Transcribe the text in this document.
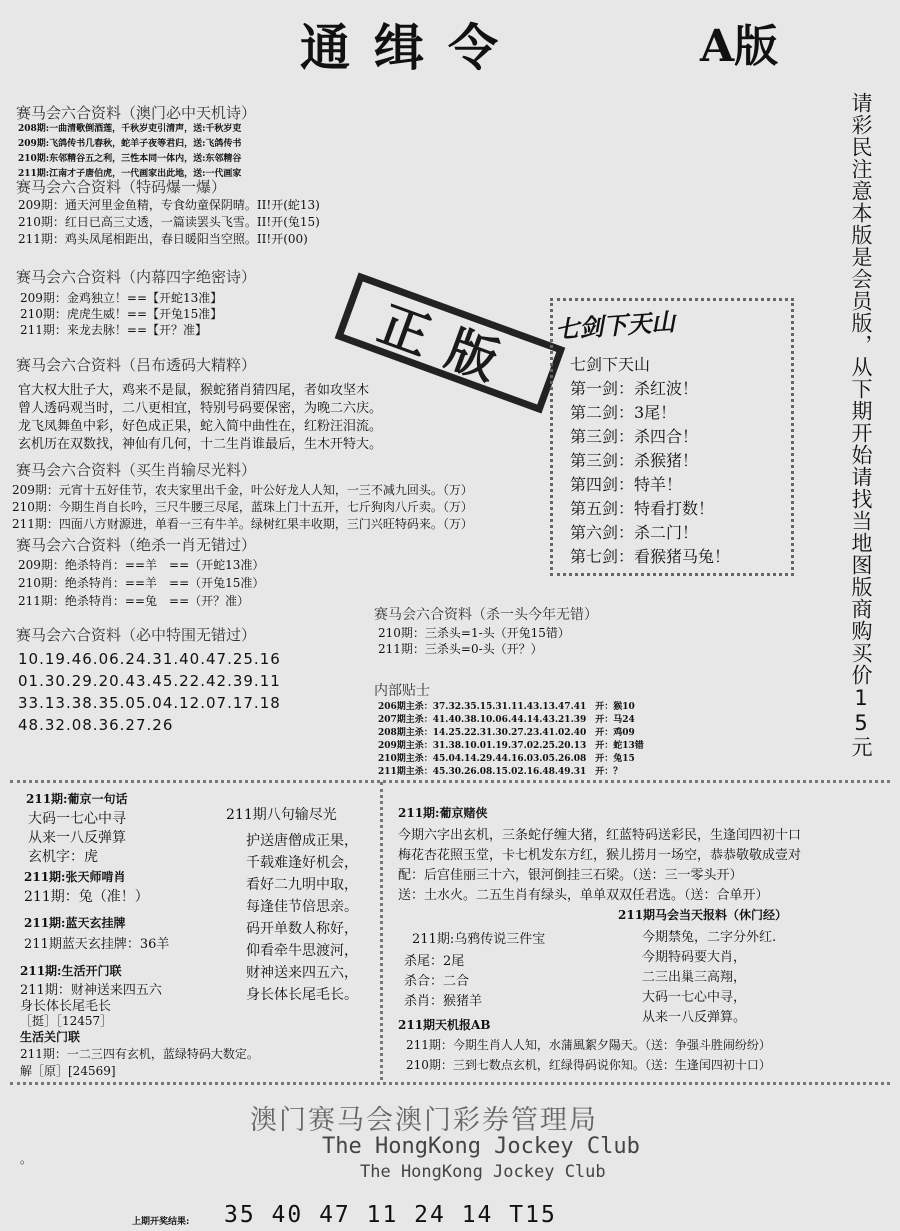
通缉令	A版
请彩民注意本版是会员版，从下期开始请找当地图版商购买价15元
赛马会六合资料（澳门必中天机诗）
208期:一曲清歌倒酒莲，千秋岁吏引清声，送:千秋岁吏
209期:飞鸽传书几春秋，蛇羊子夜等君归，送:飞鸽传书
210期:东邻精谷五之利，三性本同一体内，送:东邻精谷
211期:江南才子唐伯虎，一代画家出此地，送:一代画家
赛马会六合资料（特码爆一爆）
209期：通天河里金鱼精，专食幼童保阴晴。II!开(蛇13)
210期：红日已高三丈透，一篇读罢头飞雪。II!开(兔15)
211期：鸡头凤尾相距出，春日暖阳当空照。II!开(00)
赛马会六合资料（内幕四字绝密诗）
209期：金鸡独立！==【开蛇13准】
210期：虎虎生威！==【开兔15准】
211期：来龙去脉！==【开？准】	正版
赛马会六合资料（吕布透码大精粹）
官大权大肚子大，鸡来不是鼠，猴蛇猪肖猜四尾，者如攻坚木
曾人透码观当时，二八更相宜，特别号码要保密，为晚二六庆。
龙飞凤舞鱼中彩，好色成正果，蛇入简中曲性在，红粉汪泪流。
玄机历在双数找，神仙有几何，十二生肖谁最后，生木开特大。
赛马会六合资料（买生肖输尽光料）
209期：元宵十五好佳节，农夫家里出千金，叶公好龙人人知，一三不减九回头。（万）
210期：今期生肖自长吟，三尺牛腰三尽尾，蓝珠上门十五开，七斤狗肉八斤卖。（万）
211期：四面八方财源进，单看一三有牛羊。绿树红果丰收期，三门兴旺特码来。（万）
赛马会六合资料（绝杀一肖无错过）
209期：绝杀特肖：==羊　==（开蛇13准）
210期：绝杀特肖：==羊　==（开兔15准）
211期：绝杀特肖：==兔　==（开？准）
赛马会六合资料（必中特围无错过）
10.19.46.06.24.31.40.47.25.16
01.30.29.20.43.45.22.42.39.11
33.13.38.35.05.04.12.07.17.18
48.32.08.36.27.26
七剑下天山
七剑下天山
第一剑：杀红波！
第二剑：3尾！
第三剑：杀四合！
第三剑：杀猴猪！
第四剑：特羊！
第五剑：特看打数！
第六剑：杀二门！
第七剑：看猴猪马兔！
赛马会六合资料（杀一头今年无错）
210期：三杀头=1-头（开兔15错）
211期：三杀头=0-头（开？）
内部贴士
206期主杀：37.32.35.15.31.11.43.13.47.41　开：猴10
207期主杀：41.40.38.10.06.44.14.43.21.39　开：马24
208期主杀：14.25.22.31.30.27.23.41.02.40　开：鸡09
209期主杀：31.38.10.01.19.37.02.25.20.13　开：蛇13错
210期主杀：45.04.14.29.44.16.03.05.26.08　开：兔15
211期主杀：45.30.26.08.15.02.16.48.49.31　开：？
211期:葡京一句话
大码一七心中寻
从来一八反弹算
玄机字：虎
211期:张天师啃肖
211期：兔（准！）
211期:蓝天玄挂牌
211期蓝天玄挂牌：36羊
211期:生活开门联
211期：财神送来四五六
身长体长尾毛长
［挺］［12457］
生活关门联
211期：一二三四有玄机，蓝绿特码大数定。
解［原］[24569]
211期八句输尽光
护送唐僧成正果，
千载难逢好机会，
看好二九明中取，
每逢佳节倍思亲。
码开单数人称好，
仰看牵牛思渡河，
财神送来四五六，
身长体长尾毛长。
211期:葡京赌侠
今期六字出玄机，三条蛇仔缠大猪，红蓝特码送彩民，生逢闰四初十口
梅花杏花照玉堂，卡七机发东方红，猴儿捞月一场空，恭恭敬敬成壹对
配：后宫佳丽三十六，银河倒挂三石梁。（送：三一零头开）
送：土水火。二五生肖有绿头，单单双双任君选。（送：合单开）
211期:乌鸦传说三件宝
杀尾：2尾
杀合：二合
杀肖：猴猪羊
211期马会当天报料（休门经）
今期禁兔，二字分外红.
今期特码要大肖，
二三出巢三高翔，
大码一七心中寻，
从来一八反弹算。
211期天机报AB
211期：今期生肖人人知，水蒲風絮夕陽天。（送：争强斗胜闹纷纷）
210期：三到七数点玄机，红绿得码说你知。（送：生逢闰四初十口）
澳门赛马会澳门彩券管理局
The HongKong Jockey Club
The HongKong Jockey Club
。
上期开奖结果: 35 40 47 11 24 14 T15
